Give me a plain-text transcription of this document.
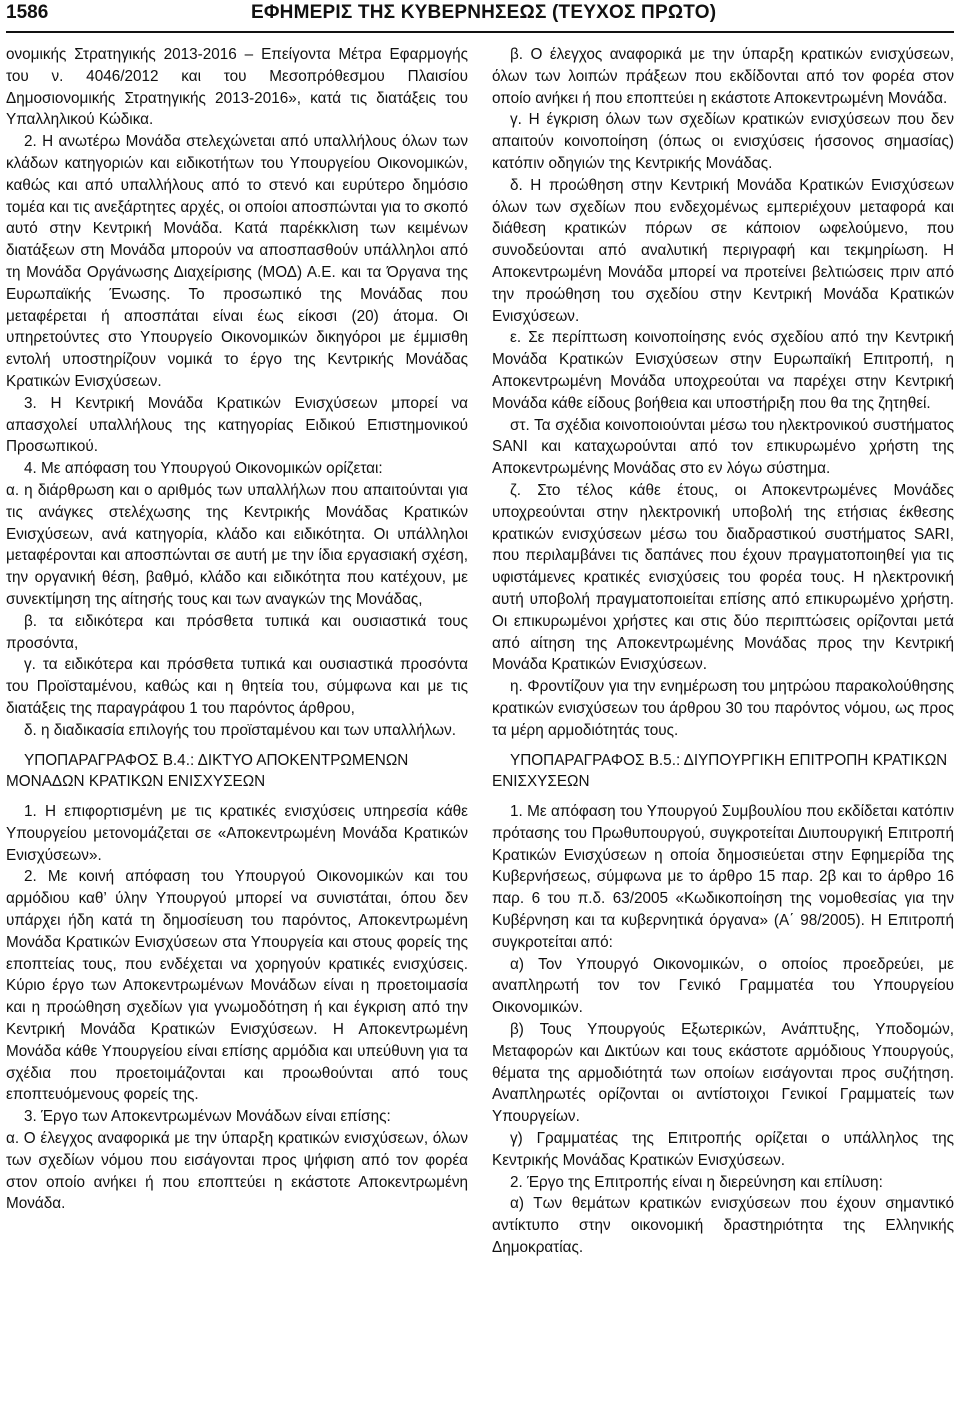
1586	ΕΦΗΜΕΡΙΣ ΤΗΣ ΚΥΒΕΡΝΗΣΕΩΣ (ΤΕΥΧΟΣ ΠΡΩΤΟ)

ονομικής Στρατηγικής 2013-2016 – Επείγοντα Μέτρα Εφαρμογής του ν. 4046/2012 και του Μεσοπρόθεσμου Πλαισίου Δημοσιονομικής Στρατηγικής 2013-2016», κατά τις διατάξεις του Υπαλληλικού Κώδικα.

2. Η ανωτέρω Μονάδα στελεχώνεται από υπαλλήλους όλων των κλάδων κατηγοριών και ειδικοτήτων του Υπουργείου Οικονομικών, καθώς και από υπαλλήλους από το στενό και ευρύτερο δημόσιο τομέα και τις ανεξάρτητες αρχές, οι οποίοι αποσπώνται για το σκοπό αυτό στην Κεντρική Μονάδα. Κατά παρέκκλιση των κειμένων διατάξεων στη Μονάδα μπορούν να αποσπασθούν υπάλληλοι από τη Μονάδα Οργάνωσης Διαχείρισης (ΜΟΔ) Α.Ε. και τα Όργανα της Ευρωπαϊκής Ένωσης. Το προσωπικό της Μονάδας που μεταφέρεται ή αποσπάται είναι έως είκοσι (20) άτομα. Οι υπηρετούντες στο Υπουργείο Οικονομικών δικηγόροι με έμμισθη εντολή υποστηρίζουν νομικά το έργο της Κεντρικής Μονάδας Κρατικών Ενισχύσεων.

3. Η Κεντρική Μονάδα Κρατικών Ενισχύσεων μπορεί να απασχολεί υπαλλήλους της κατηγορίας Ειδικού Επιστημονικού Προσωπικού.

4. Με απόφαση του Υπουργού Οικονομικών ορίζεται:

α. η διάρθρωση και ο αριθμός των υπαλλήλων που απαιτούνται για τις ανάγκες στελέχωσης της Κεντρικής Μονάδας Κρατικών Ενισχύσεων, ανά κατηγορία, κλάδο και ειδικότητα. Οι υπάλληλοι μεταφέρονται και αποσπώνται σε αυτή με την ίδια εργασιακή σχέση, την οργανική θέση, βαθμό, κλάδο και ειδικότητα που κατέχουν, με συνεκτίμηση της αίτησής τους και των αναγκών της Μονάδας,

β. τα ειδικότερα και πρόσθετα τυπικά και ουσιαστικά τους προσόντα,

γ. τα ειδικότερα και πρόσθετα τυπικά και ουσιαστικά προσόντα του Προϊσταμένου, καθώς και η θητεία του, σύμφωνα και με τις διατάξεις της παραγράφου 1 του παρόντος άρθρου,

δ. η διαδικασία επιλογής του προϊσταμένου και των υπαλλήλων.

ΥΠΟΠΑΡΑΓΡΑΦΟΣ Β.4.: ΔΙΚΤΥΟ ΑΠΟΚΕΝΤΡΩΜΕΝΩΝ ΜΟΝΑΔΩΝ ΚΡΑΤΙΚΩΝ ΕΝΙΣΧΥΣΕΩΝ

1. Η επιφορτισμένη με τις κρατικές ενισχύσεις υπηρεσία κάθε Υπουργείου μετονομάζεται σε «Αποκεντρωμένη Μονάδα Κρατικών Ενισχύσεων».

2. Με κοινή απόφαση του Υπουργού Οικονομικών και του αρμόδιου καθ’ ύλην Υπουργού μπορεί να συνιστάται, όπου δεν υπάρχει ήδη κατά τη δημοσίευση του παρόντος, Αποκεντρωμένη Μονάδα Κρατικών Ενισχύσεων στα Υπουργεία και στους φορείς της εποπτείας τους, που ενδέχεται να χορηγούν κρατικές ενισχύσεις. Κύριο έργο των Αποκεντρωμένων Μονάδων είναι η προετοιμασία και η προώθηση σχεδίων για γνωμοδότηση ή και έγκριση από την Κεντρική Μονάδα Κρατικών Ενισχύσεων. Η Αποκεντρωμένη Μονάδα κάθε Υπουργείου είναι επίσης αρμόδια και υπεύθυνη για τα σχέδια που προετοιμάζονται και προωθούνται από τους εποπτευόμενους φορείς της.

3. Έργο των Αποκεντρωμένων Μονάδων είναι επίσης:

α. Ο έλεγχος αναφορικά με την ύπαρξη κρατικών ενισχύσεων, όλων των σχεδίων νόμου που εισάγονται προς ψήφιση από τον φορέα στον οποίο ανήκει ή που εποπτεύει η εκάστοτε Αποκεντρωμένη Μονάδα.

β. Ο έλεγχος αναφορικά με την ύπαρξη κρατικών ενισχύσεων, όλων των λοιπών πράξεων που εκδίδονται από τον φορέα στον οποίο ανήκει ή που εποπτεύει η εκάστοτε Αποκεντρωμένη Μονάδα.

γ. Η έγκριση όλων των σχεδίων κρατικών ενισχύσεων που δεν απαιτούν κοινοποίηση (όπως οι ενισχύσεις ήσσονος σημασίας) κατόπιν οδηγιών της Κεντρικής Μονάδας.

δ. Η προώθηση στην Κεντρική Μονάδα Κρατικών Ενισχύσεων όλων των σχεδίων που ενδεχομένως εμπεριέχουν μεταφορά και διάθεση κρατικών πόρων σε κάποιον ωφελούμενο, που συνοδεύονται από αναλυτική περιγραφή και τεκμηρίωση. Η Αποκεντρωμένη Μονάδα μπορεί να προτείνει βελτιώσεις πριν από την προώθηση του σχεδίου στην Κεντρική Μονάδα Κρατικών Ενισχύσεων.

ε. Σε περίπτωση κοινοποίησης ενός σχεδίου από την Κεντρική Μονάδα Κρατικών Ενισχύσεων στην Ευρωπαϊκή Επιτροπή, η Αποκεντρωμένη Μονάδα υποχρεούται να παρέχει στην Κεντρική Μονάδα κάθε είδους βοήθεια και υποστήριξη που θα της ζητηθεί.

στ. Τα σχέδια κοινοποιούνται μέσω του ηλεκτρονικού συστήματος SANI και καταχωρούνται από τον επικυρωμένο χρήστη της Αποκεντρωμένης Μονάδας στο εν λόγω σύστημα.

ζ. Στο τέλος κάθε έτους, οι Αποκεντρωμένες Μονάδες υποχρεούνται στην ηλεκτρονική υποβολή της ετήσιας έκθεσης κρατικών ενισχύσεων μέσω του διαδραστικού συστήματος SARI, που περιλαμβάνει τις δαπάνες που έχουν πραγματοποιηθεί για τις υφιστάμενες κρατικές ενισχύσεις του φορέα τους. Η ηλεκτρονική αυτή υποβολή πραγματοποιείται επίσης από επικυρωμένο χρήστη. Οι επικυρωμένοι χρήστες και στις δύο περιπτώσεις ορίζονται μετά από αίτηση της Αποκεντρωμένης Μονάδας προς την Κεντρική Μονάδα Κρατικών Ενισχύσεων.

η. Φροντίζουν για την ενημέρωση του μητρώου παρακολούθησης κρατικών ενισχύσεων του άρθρου 30 του παρόντος νόμου, ως προς τα μέρη αρμοδιότητάς τους.

ΥΠΟΠΑΡΑΓΡΑΦΟΣ Β.5.: ΔΙΥΠΟΥΡΓΙΚΗ ΕΠΙΤΡΟΠΗ ΚΡΑΤΙΚΩΝ ΕΝΙΣΧΥΣΕΩΝ

1. Με απόφαση του Υπουργού Συμβουλίου που εκδίδεται κατόπιν πρότασης του Πρωθυπουργού, συγκροτείται Διυπουργική Επιτροπή Κρατικών Ενισχύσεων η οποία δημοσιεύεται στην Εφημερίδα της Κυβερνήσεως, σύμφωνα με το άρθρο 15 παρ. 2β και το άρθρο 16 παρ. 6 του π.δ. 63/2005 «Κωδικοποίηση της νομοθεσίας για την Κυβέρνηση και τα κυβερνητικά όργανα» (Α΄ 98/2005). Η Επιτροπή συγκροτείται από:

α) Τον Υπουργό Οικονομικών, ο οποίος προεδρεύει, με αναπληρωτή τον τον Γενικό Γραμματέα του Υπουργείου Οικονομικών.

β) Τους Υπουργούς Εξωτερικών, Ανάπτυξης, Υποδομών, Μεταφορών και Δικτύων και τους εκάστοτε αρμόδιους Υπουργούς, θέματα της αρμοδιότητά των οποίων εισάγονται προς συζήτηση. Αναπληρωτές ορίζονται οι αντίστοιχοι Γενικοί Γραμματείς των Υπουργείων.

γ) Γραμματέας της Επιτροπής ορίζεται ο υπάλληλος της Κεντρικής Μονάδας Κρατικών Ενισχύσεων.

2. Έργο της Επιτροπής είναι η διερεύνηση και επίλυση:

α) Των θεμάτων κρατικών ενισχύσεων που έχουν σημαντικό αντίκτυπο στην οικονομική δραστηριότητα της Ελληνικής Δημοκρατίας.
